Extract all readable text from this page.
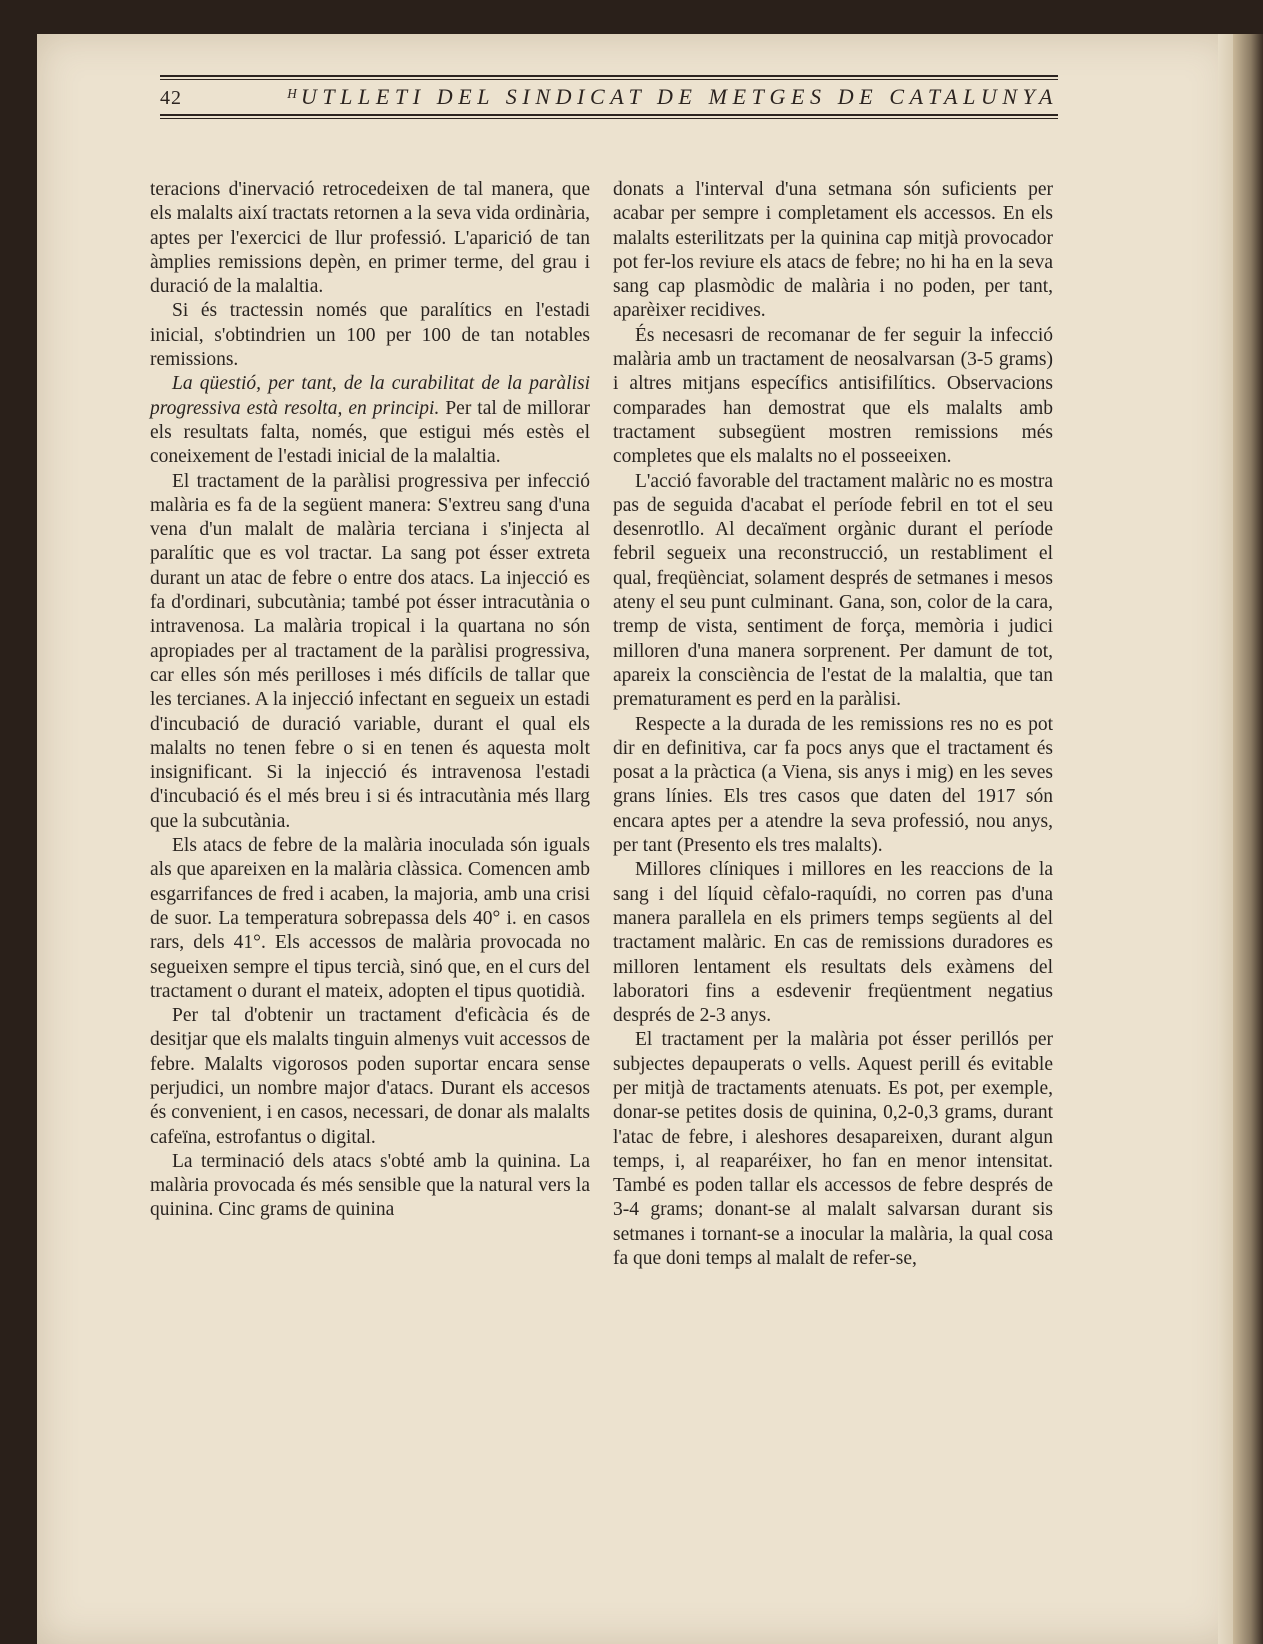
42	ᴴUTLLETI DEL SINDICAT DE METGES DE CATALUNYA

teracions d'inervació retrocedeixen de tal manera, que els malalts així tractats retornen a la seva vida ordinària, aptes per l'exercici de llur professió. L'aparició de tan àmplies remissions depèn, en primer terme, del grau i duració de la malaltia.

Si és tractessin només que paralítics en l'estadi inicial, s'obtindrien un 100 per 100 de tan notables remissions.

La qüestió, per tant, de la curabilitat de la paràlisi progressiva està resolta, en principi. Per tal de millorar els resultats falta, només, que estigui més estès el coneixement de l'estadi inicial de la malaltia.

El tractament de la paràlisi progressiva per infecció malària es fa de la següent manera: S'extreu sang d'una vena d'un malalt de malària terciana i s'injecta al paralític que es vol tractar. La sang pot ésser extreta durant un atac de febre o entre dos atacs. La injecció es fa d'ordinari, subcutània; també pot ésser intracutània o intravenosa. La malària tropical i la quartana no són apropiades per al tractament de la paràlisi progressiva, car elles són més perilloses i més difícils de tallar que les tercianes. A la injecció infectant en segueix un estadi d'incubació de duració variable, durant el qual els malalts no tenen febre o si en tenen és aquesta molt insignificant. Si la injecció és intravenosa l'estadi d'incubació és el més breu i si és intracutània més llarg que la subcutània.

Els atacs de febre de la malària inoculada són iguals als que apareixen en la malària clàssica. Comencen amb esgarrifances de fred i acaben, la majoria, amb una crisi de suor. La temperatura sobrepassa dels 40° i. en casos rars, dels 41°. Els accessos de malària provocada no segueixen sempre el tipus tercià, sinó que, en el curs del tractament o durant el mateix, adopten el tipus quotidià.

Per tal d'obtenir un tractament d'eficàcia és de desitjar que els malalts tinguin almenys vuit accessos de febre. Malalts vigorosos poden suportar encara sense perjudici, un nombre major d'atacs. Durant els accesos és convenient, i en casos, necessari, de donar als malalts cafeïna, estrofantus o digital.

La terminació dels atacs s'obté amb la quinina. La malària provocada és més sensible que la natural vers la quinina. Cinc grams de quinina

donats a l'interval d'una setmana són suficients per acabar per sempre i completament els accessos. En els malalts esterilitzats per la quinina cap mitjà provocador pot fer-los reviure els atacs de febre; no hi ha en la seva sang cap plasmòdic de malària i no poden, per tant, aparèixer recidives.

És necesasri de recomanar de fer seguir la infecció malària amb un tractament de neosalvarsan (3-5 grams) i altres mitjans específics antisifilítics. Observacions comparades han demostrat que els malalts amb tractament subsegüent mostren remissions més completes que els malalts no el posseeixen.

L'acció favorable del tractament malàric no es mostra pas de seguida d'acabat el període febril en tot el seu desenrotllo. Al decaïment orgànic durant el període febril segueix una reconstrucció, un restabliment el qual, freqüènciat, solament després de setmanes i mesos ateny el seu punt culminant. Gana, son, color de la cara, tremp de vista, sentiment de força, memòria i judici milloren d'una manera sorprenent. Per damunt de tot, apareix la consciència de l'estat de la malaltia, que tan prematurament es perd en la paràlisi.

Respecte a la durada de les remissions res no es pot dir en definitiva, car fa pocs anys que el tractament és posat a la pràctica (a Viena, sis anys i mig) en les seves grans línies. Els tres casos que daten del 1917 són encara aptes per a atendre la seva professió, nou anys, per tant (Presento els tres malalts).

Millores clíniques i millores en les reaccions de la sang i del líquid cèfalo-raquídi, no corren pas d'una manera parallela en els primers temps següents al del tractament malàric. En cas de remissions duradores es milloren lentament els resultats dels exàmens del laboratori fins a esdevenir freqüentment negatius després de 2-3 anys.

El tractament per la malària pot ésser perillós per subjectes depauperats o vells. Aquest perill és evitable per mitjà de tractaments atenuats. Es pot, per exemple, donar-se petites dosis de quinina, 0,2-0,3 grams, durant l'atac de febre, i aleshores desapareixen, durant algun temps, i, al reaparéixer, ho fan en menor intensitat. També es poden tallar els accessos de febre després de 3-4 grams; donant-se al malalt salvarsan durant sis setmanes i tornant-se a inocular la malària, la qual cosa fa que doni temps al malalt de refer-se,
